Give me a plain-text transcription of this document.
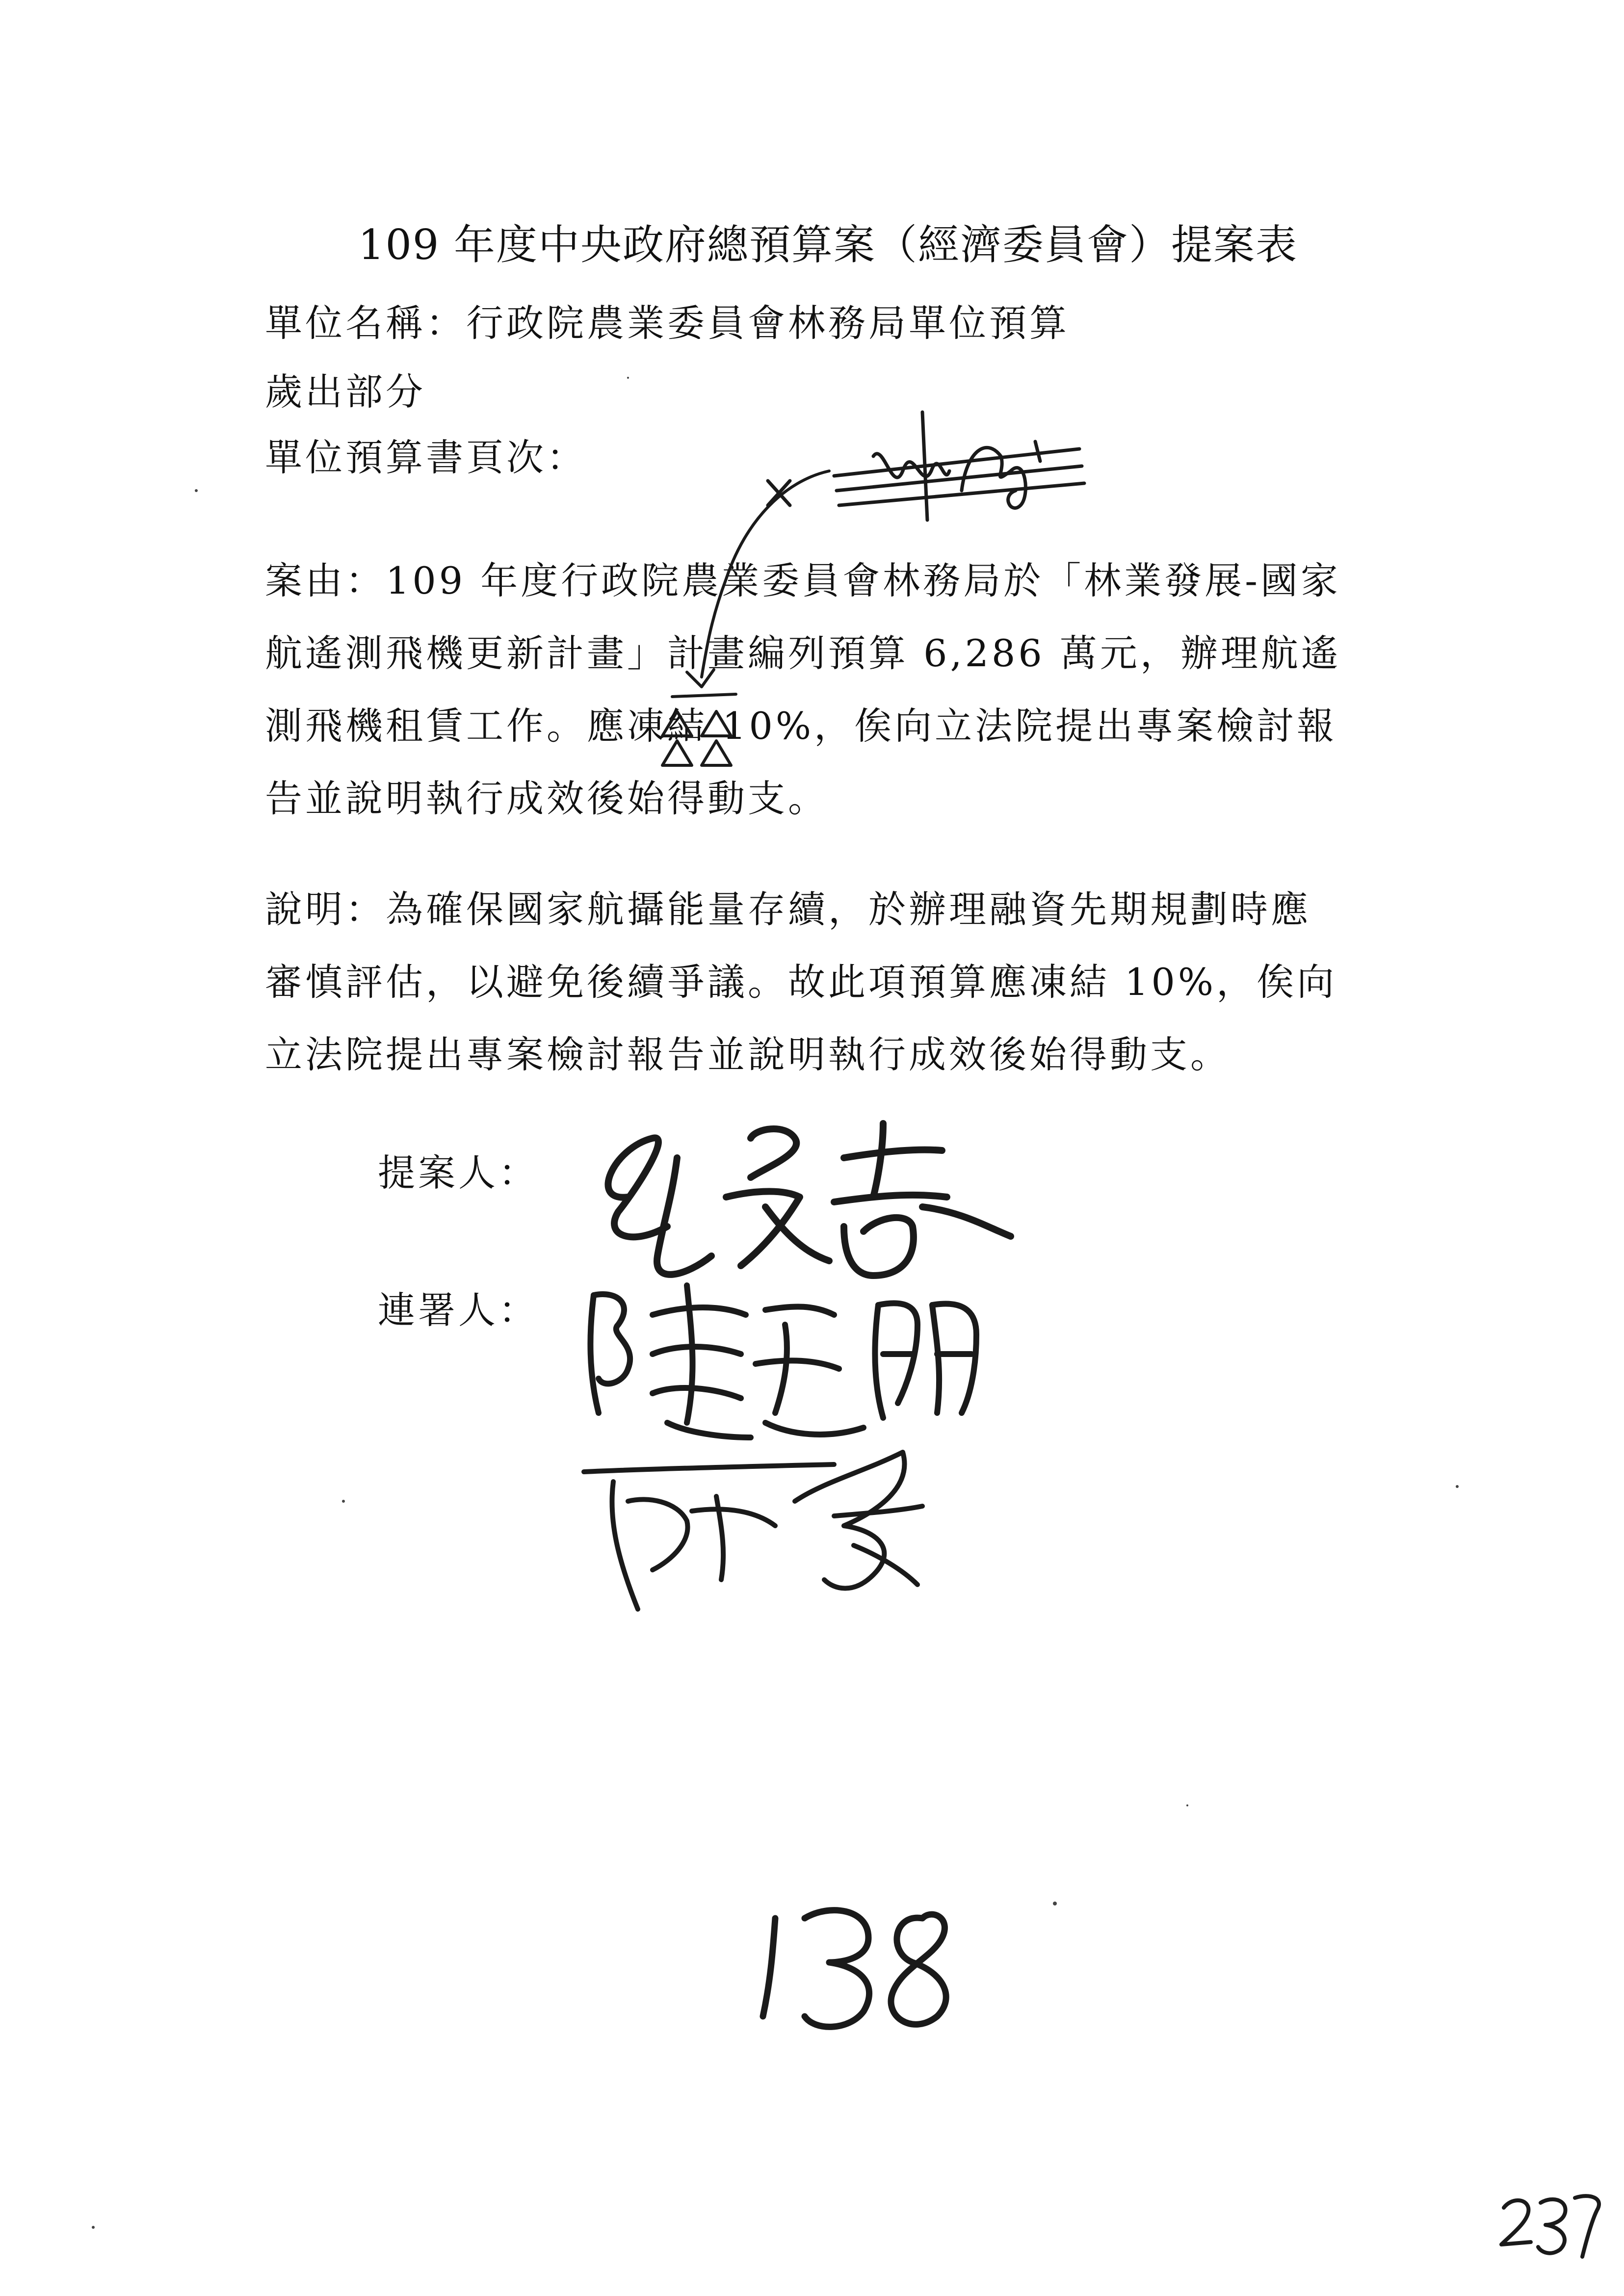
109 年度中央政府總預算案（經濟委員會）提案表
單位名稱：行政院農業委員會林務局單位預算
歲出部分
單位預算書頁次：
案由：109 年度行政院農業委員會林務局於「林業發展-國家
航遙測飛機更新計畫」計畫編列預算 6,286 萬元，辦理航遙
測飛機租賃工作。應凍結 10%，俟向立法院提出專案檢討報
告並說明執行成效後始得動支。
說明：為確保國家航攝能量存續，於辦理融資先期規劃時應
審慎評估，以避免後續爭議。故此項預算應凍結 10%，俟向
立法院提出專案檢討報告並說明執行成效後始得動支。
提案人：
連署人：
